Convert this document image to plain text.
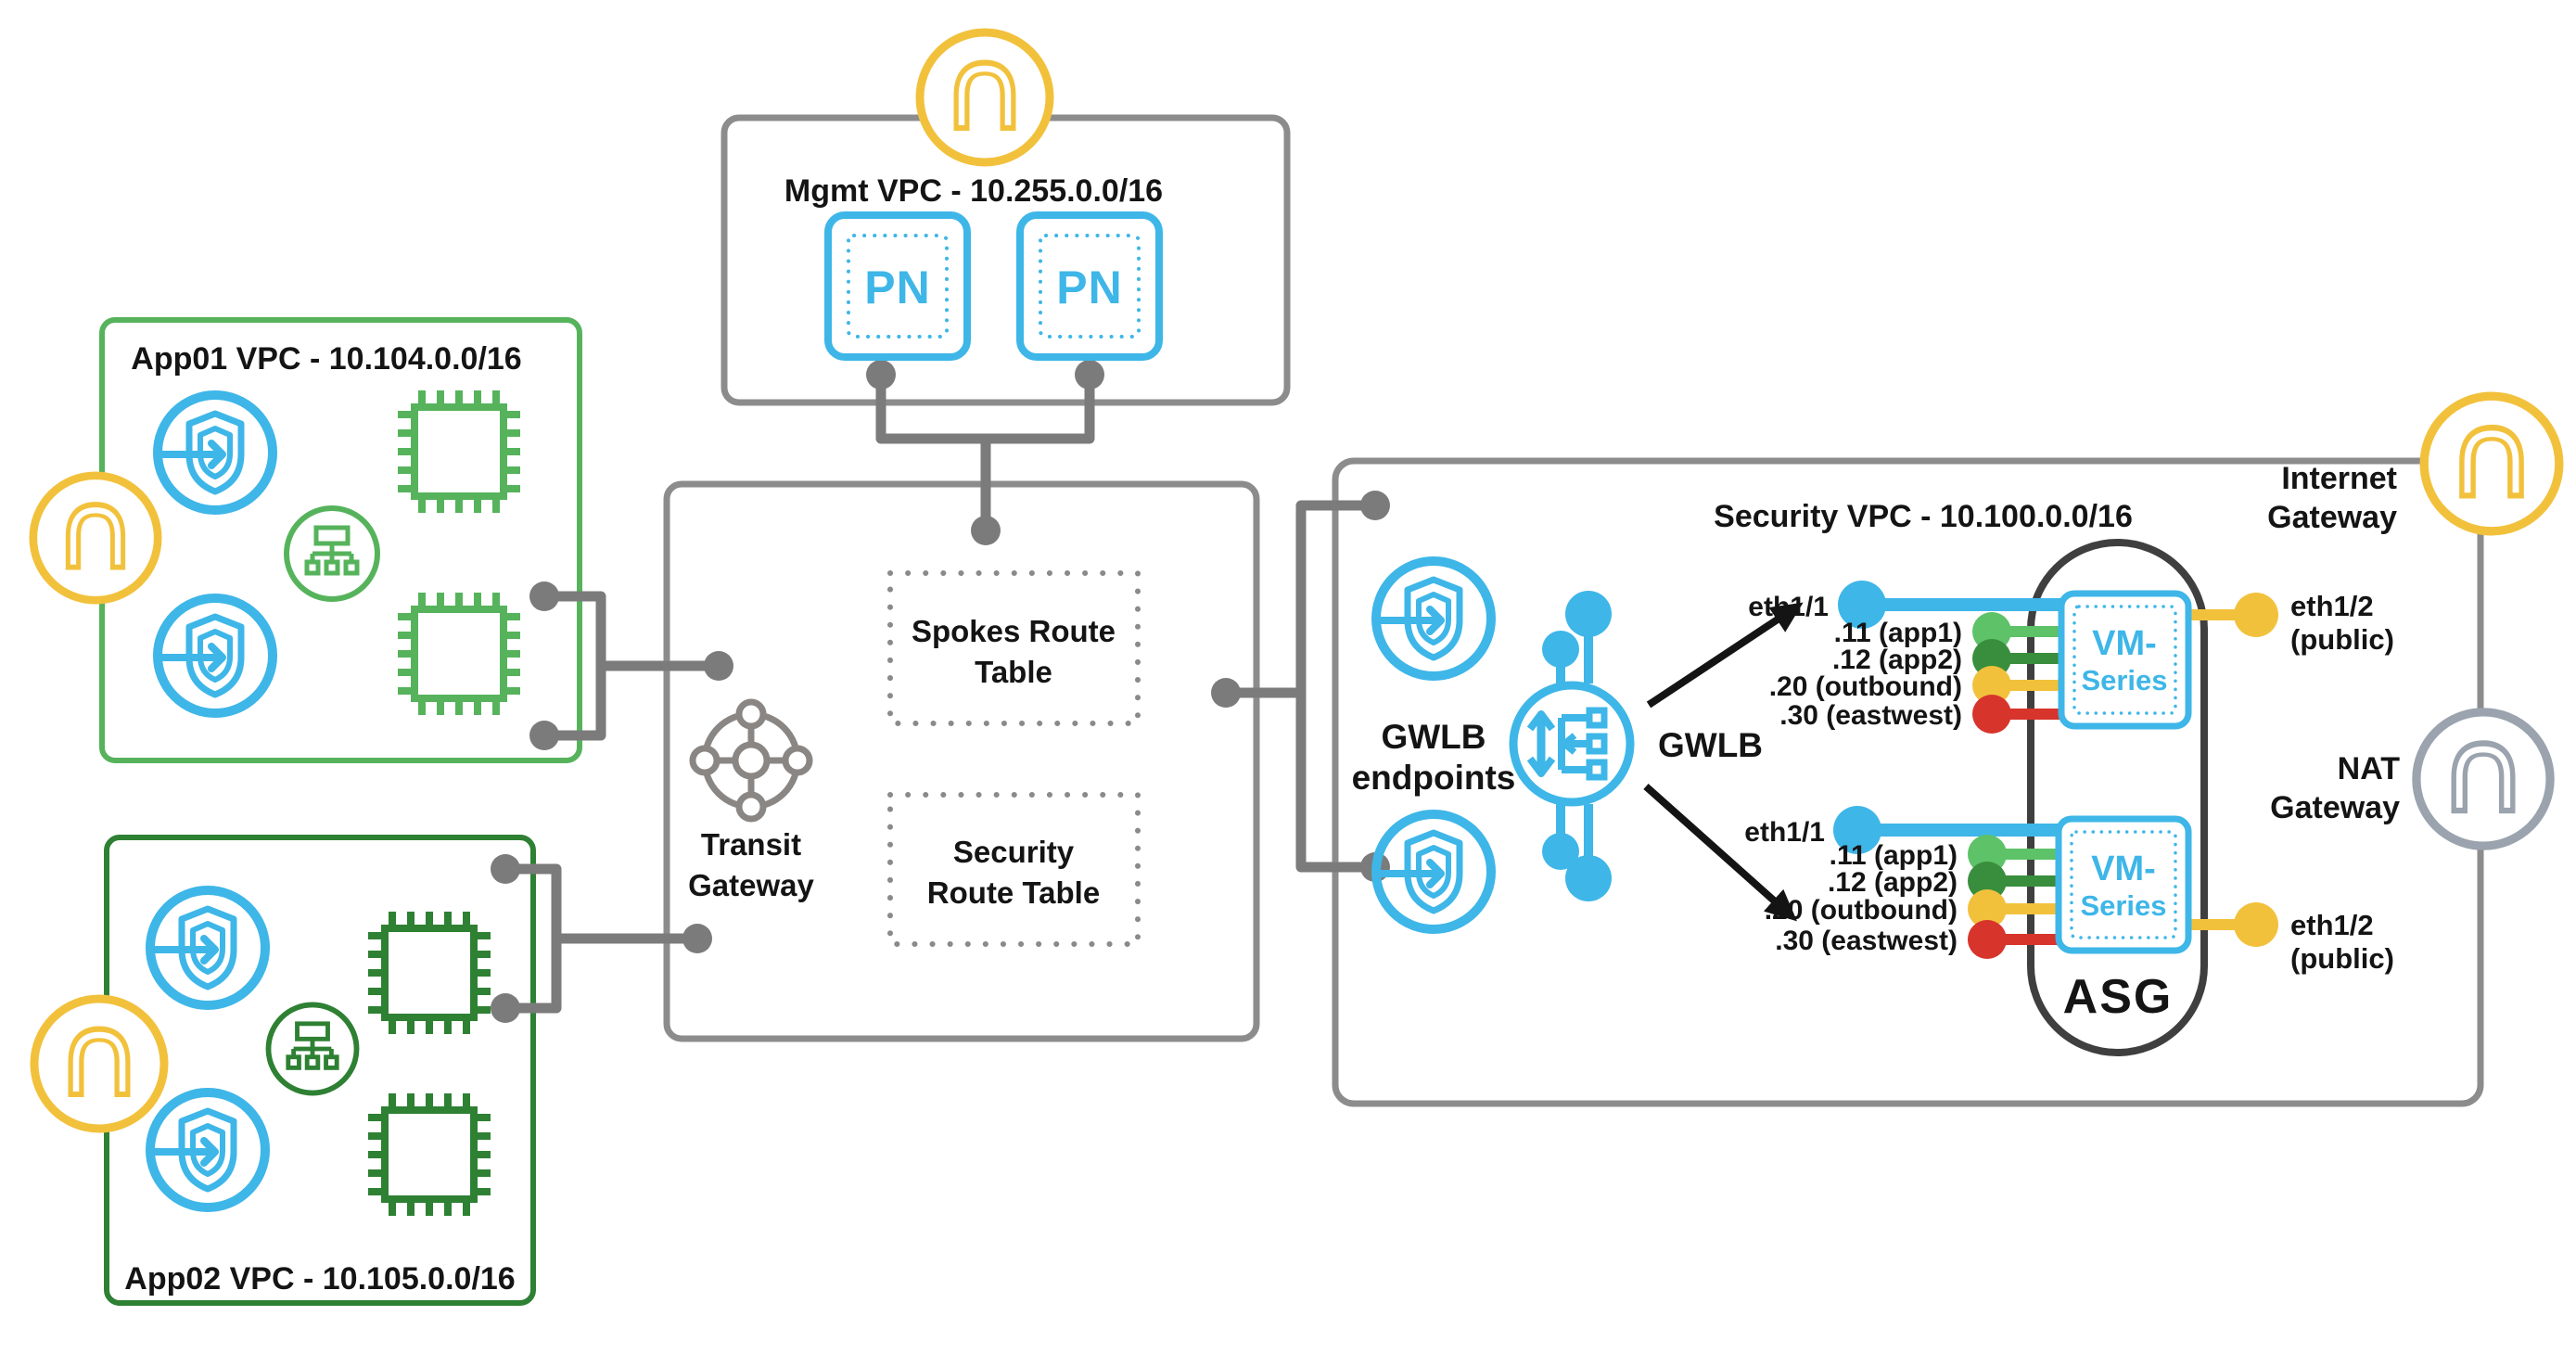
Transit
Gateway
Spokes Route
Table
Security
Route Table
Mgmt VPC - 10.255.0.0/16
PN	PN
App01 VPC - 10.104.0.0/16
App02 VPC - 10.105.0.0/16
Security VPC - 10.100.0.0/16
GWLB
endpoints
GWLB
ASG
VM-
Series
VM-
Series
eth1/1
.11 (app1)
.12 (app2)
.20 (outbound)
.30 (eastwest)
eth1/2
(public)
eth1/1
.11 (app1)
.12 (app2)
.20 (outbound)
.30 (eastwest)	eth1/2
(public)
Internet
Gateway
NAT
Gateway
